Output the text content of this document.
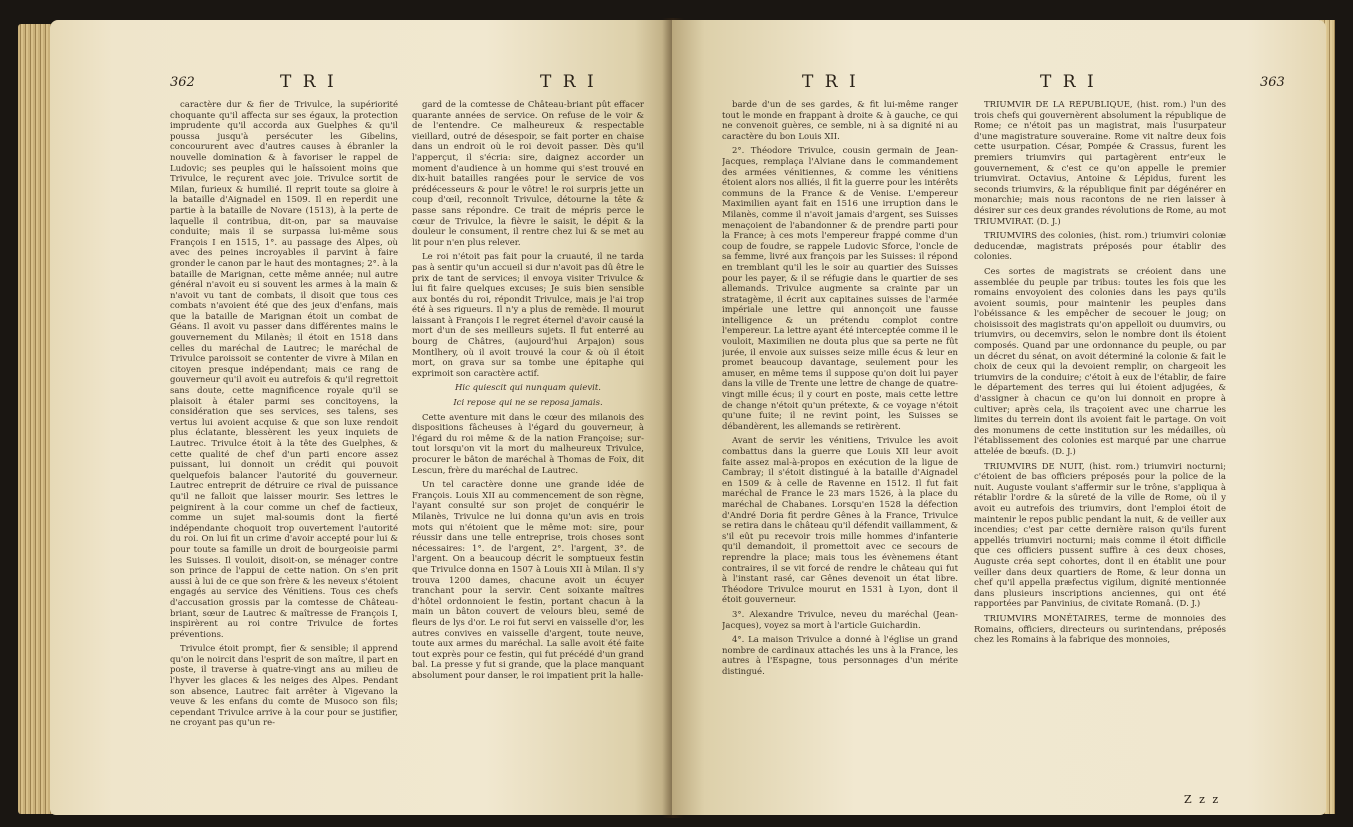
362	T R I	T R I

caractère dur & fier de Trivulce, la supériorité choquante qu'il affecta sur ses égaux, la protection imprudente qu'il accorda aux Guelphes & qu'il poussa jusqu'à persécuter les Gibelins, concoururent avec d'autres causes à ébranler la nouvelle domination & à favoriser le rappel de Ludovic; ses peuples qui le haïssoient moins que Trivulce, le reçurent avec joie. Trivulce sortit de Milan, furieux & humilié. Il reprit toute sa gloire à la bataille d'Aignadel en 1509. Il en reperdit une partie à la bataille de Novare (1513), à la perte de laquelle il contribua, dit-on, par sa mauvaise conduite; mais il se surpassa lui-même sous François I en 1515, 1°. au passage des Alpes, où avec des peines incroyables il parvint à faire gronder le canon par le haut des montagnes; 2°. à la bataille de Marignan, cette même année; nul autre général n'avoit eu si souvent les armes à la main & n'avoit vu tant de combats, il disoit que tous ces combats n'avoient été que des jeux d'enfans, mais que la bataille de Marignan étoit un combat de Géans. Il avoit vu passer dans différentes mains le gouvernement du Milanès; il étoit en 1518 dans celles du maréchal de Lautrec; le maréchal de Trivulce paroissoit se contenter de vivre à Milan en citoyen presque indépendant; mais ce rang de gouverneur qu'il avoit eu autrefois & qu'il regrettoit sans doute, cette magnificence royale qu'il se plaisoit à étaler parmi ses concitoyens, la considération que ses services, ses talens, ses vertus lui avoient acquise & que son luxe rendoit plus éclatante, blessèrent les yeux inquiets de Lautrec. Trivulce étoit à la tête des Guelphes, & cette qualité de chef d'un parti encore assez puissant, lui donnoit un crédit qui pouvoit quelquefois balancer l'autorité du gouverneur. Lautrec entreprit de détruire ce rival de puissance qu'il ne falloit que laisser mourir. Ses lettres le peignirent à la cour comme un chef de factieux, comme un sujet mal-soumis dont la fierté indépendante choquoit trop ouvertement l'autorité du roi. On lui fit un crime d'avoir accepté pour lui & pour toute sa famille un droit de bourgeoisie parmi les Suisses. Il vouloit, disoit-on, se ménager contre son prince de l'appui de cette nation. On s'en prit aussi à lui de ce que son frère & les neveux s'étoient engagés au service des Vénitiens. Tous ces chefs d'accusation grossis par la comtesse de Château-briant, sœur de Lautrec & maîtresse de François I, inspirèrent au roi contre Trivulce de fortes préventions.

Trivulce étoit prompt, fier & sensible; il apprend qu'on le noircit dans l'esprit de son maître, il part en poste, il traverse à quatre-vingt ans au milieu de l'hyver les glaces & les neiges des Alpes. Pendant son absence, Lautrec fait arrêter à Vigevano la veuve & les enfans du comte de Musoco son fils; cependant Trivulce arrive à la cour pour se justifier, ne croyant pas qu'un re-

gard de la comtesse de Château-briant pût effacer quarante années de service. On refuse de le voir & de l'entendre. Ce malheureux & respectable vieillard, outré de désespoir, se fait porter en chaise dans un endroit où le roi devoit passer. Dès qu'il l'apperçut, il s'écria: sire, daignez accorder un moment d'audience à un homme qui s'est trouvé en dix-huit batailles rangées pour le service de vos prédécesseurs & pour le vôtre! le roi surpris jette un coup d'œil, reconnoît Trivulce, détourne la tête & passe sans répondre. Ce trait de mépris perce le cœur de Trivulce, la fièvre le saisit, le dépit & la douleur le consument, il rentre chez lui & se met au lit pour n'en plus relever.

Le roi n'étoit pas fait pour la cruauté, il ne tarda pas à sentir qu'un accueil si dur n'avoit pas dû être le prix de tant de services; il envoya visiter Trivulce & lui fit faire quelques excuses; Je suis bien sensible aux bontés du roi, répondit Trivulce, mais je l'ai trop été à ses rigueurs. Il n'y a plus de remède. Il mourut laissant à François I le regret éternel d'avoir causé la mort d'un de ses meilleurs sujets. Il fut enterré au bourg de Châtres, (aujourd'hui Arpajon) sous Montlhery, où il avoit trouvé la cour & où il étoit mort, on grava sur sa tombe une épitaphe qui exprimoit son caractère actif.

Hic quiescit qui nunquam quievit.

Ici repose qui ne se reposa jamais.

Cette aventure mit dans le cœur des milanois des dispositions fâcheuses à l'égard du gouverneur, à l'égard du roi même & de la nation Françoise; sur-tout lorsqu'on vit la mort du malheureux Trivulce, procurer le bâton de maréchal à Thomas de Foix, dit Lescun, frère du maréchal de Lautrec.

Un tel caractère donne une grande idée de François. Louis XII au commencement de son règne, l'ayant consulté sur son projet de conquérir le Milanès, Trivulce ne lui donna qu'un avis en trois mots qui n'étoient que le même mot: sire, pour réussir dans une telle entreprise, trois choses sont nécessaires: 1°. de l'argent, 2°. l'argent, 3°. de l'argent. On a beaucoup décrit le somptueux festin que Trivulce donna en 1507 à Louis XII à Milan. Il s'y trouva 1200 dames, chacune avoit un écuyer tranchant pour la servir. Cent soixante maîtres d'hôtel ordonnoient le festin, portant chacun à la main un bâton couvert de velours bleu, semé de fleurs de lys d'or. Le roi fut servi en vaisselle d'or, les autres convives en vaisselle d'argent, toute neuve, toute aux armes du maréchal. La salle avoit été faite tout exprès pour ce festin, qui fut précédé d'un grand bal. La presse y fut si grande, que la place manquant absolument pour danser, le roi impatient prit la halle-

T R I	T R I	363

barde d'un de ses gardes, & fit lui-même ranger tout le monde en frappant à droite & à gauche, ce qui ne convenoit guères, ce semble, ni à sa dignité ni au caractère du bon Louis XII.

2°. Théodore Trivulce, cousin germain de Jean-Jacques, remplaça l'Alviane dans le commandement des armées vénitiennes, & comme les vénitiens étoient alors nos alliés, il fit la guerre pour les intérêts communs de la France & de Venise. L'empereur Maximilien ayant fait en 1516 une irruption dans le Milanès, comme il n'avoit jamais d'argent, ses Suisses menaçoient de l'abandonner & de prendre parti pour la France; à ces mots l'empereur frappé comme d'un coup de foudre, se rappele Ludovic Sforce, l'oncle de sa femme, livré aux françois par les Suisses: il répond en tremblant qu'il les le soir au quartier des Suisses pour les payer, & il se réfugie dans le quartier de ses allemands. Trivulce augmente sa crainte par un stratagème, il écrit aux capitaines suisses de l'armée impériale une lettre qui annonçoit une fausse intelligence & un prétendu complot contre l'empereur. La lettre ayant été interceptée comme il le vouloit, Maximilien ne douta plus que sa perte ne fût jurée, il envoie aux suisses seize mille écus & leur en promet beaucoup davantage, seulement pour les amuser, en même tems il suppose qu'on doit lui payer dans la ville de Trente une lettre de change de quatre-vingt mille écus; il y court en poste, mais cette lettre de change n'étoit qu'un prétexte, & ce voyage n'étoit qu'une fuite; il ne revint point, les Suisses se débandèrent, les allemands se retirèrent.

Avant de servir les vénitiens, Trivulce les avoit combattus dans la guerre que Louis XII leur avoit faite assez mal-à-propos en exécution de la ligue de Cambray; il s'étoit distingué à la bataille d'Aignadel en 1509 & à celle de Ravenne en 1512. Il fut fait maréchal de France le 23 mars 1526, à la place du maréchal de Chabanes. Lorsqu'en 1528 la défection d'André Doria fit perdre Gênes à la France, Trivulce se retira dans le château qu'il défendit vaillamment, & s'il eût pu recevoir trois mille hommes d'infanterie qu'il demandoit, il promettoit avec ce secours de reprendre la place; mais tous les évènemens étant contraires, il se vit forcé de rendre le château qui fut à l'instant rasé, car Gênes devenoit un état libre. Théodore Trivulce mourut en 1531 à Lyon, dont il étoit gouverneur.

3°. Alexandre Trivulce, neveu du maréchal (Jean-Jacques), voyez sa mort à l'article Guichardin.

4°. La maison Trivulce a donné à l'église un grand nombre de cardinaux attachés les uns à la France, les autres à l'Espagne, tous personnages d'un mérite distingué.

TRIUMVIR DE LA RÉPUBLIQUE, (hist. rom.) l'un des trois chefs qui gouvernèrent absolument la république de Rome; ce n'étoit pas un magistrat, mais l'usurpateur d'une magistrature souveraine. Rome vit naître deux fois cette usurpation. César, Pompée & Crassus, furent les premiers triumvirs qui partagèrent entr'eux le gouvernement, & c'est ce qu'on appelle le premier triumvirat. Octavius, Antoine & Lépidus, furent les seconds triumvirs, & la république finit par dégénérer en monarchie; mais nous racontons de ne rien laisser à désirer sur ces deux grandes révolutions de Rome, au mot TRIUMVIRAT. (D. J.)

TRIUMVIRS des colonies, (hist. rom.) triumviri coloniæ deducendæ, magistrats préposés pour établir des colonies.

Ces sortes de magistrats se créoient dans une assemblée du peuple par tribus: toutes les fois que les romains envoyoient des colonies dans les pays qu'ils avoient soumis, pour maintenir les peuples dans l'obéissance & les empêcher de secouer le joug; on choisissoit des magistrats qu'on appelloit ou duumvirs, ou triumvirs, ou decemvirs, selon le nombre dont ils étoient composés. Quand par une ordonnance du peuple, ou par un décret du sénat, on avoit déterminé la colonie & fait le choix de ceux qui la devoient remplir, on chargeoit les triumvirs de la conduire; c'étoit à eux de l'établir, de faire le département des terres qui lui étoient adjugées, & d'assigner à chacun ce qu'on lui donnoit en propre à cultiver; après cela, ils traçoient avec une charrue les limites du terrein dont ils avoient fait le partage. On voit des monumens de cette institution sur les médailles, où l'établissement des colonies est marqué par une charrue attelée de bœufs. (D. J.)

TRIUMVIRS DE NUIT, (hist. rom.) triumviri nocturni; c'étoient de bas officiers préposés pour la police de la nuit. Auguste voulant s'affermir sur le trône, s'appliqua à rétablir l'ordre & la sûreté de la ville de Rome, où il y avoit eu autrefois des triumvirs, dont l'emploi étoit de maintenir le repos public pendant la nuit, & de veiller aux incendies; c'est par cette dernière raison qu'ils furent appellés triumviri nocturni; mais comme il étoit difficile que ces officiers pussent suffire à ces deux choses, Auguste créa sept cohortes, dont il en établit une pour veiller dans deux quartiers de Rome, & leur donna un chef qu'il appella præfectus vigilum, dignité mentionnée dans plusieurs inscriptions anciennes, qui ont été rapportées par Panvinius, de civitate Romanâ. (D. J.)

TRIUMVIRS MONÉTAIRES, terme de monnoies des Romains, officiers, directeurs ou surintendans, préposés chez les Romains à la fabrique des monnoies,

Z z z
